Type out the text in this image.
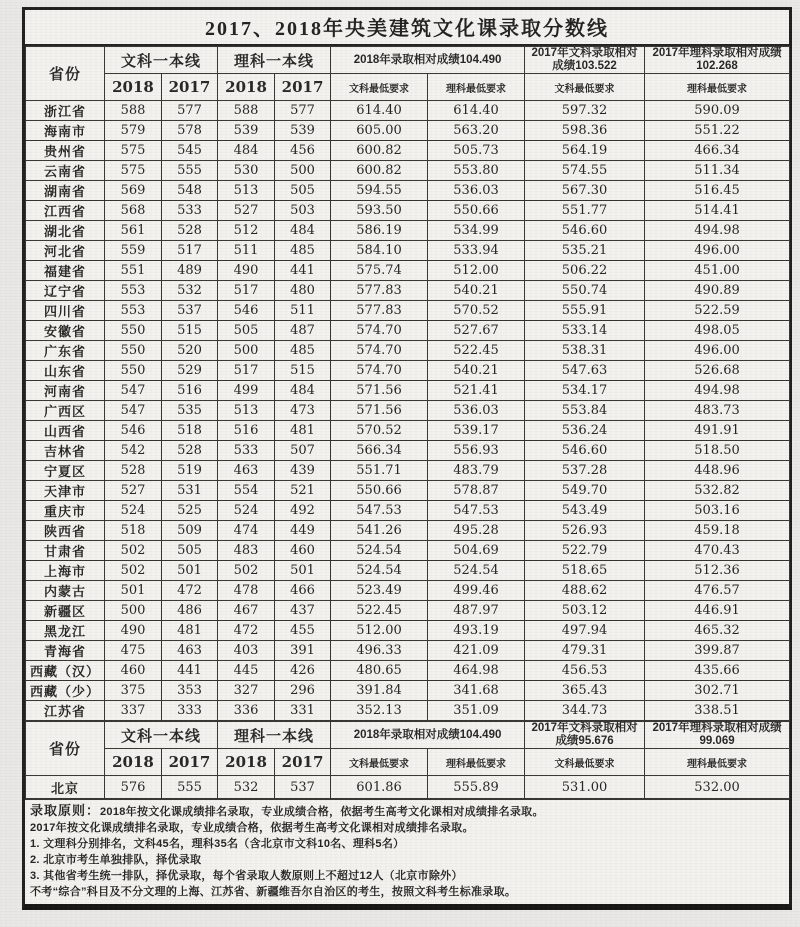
2017、2018年央美建筑文化课录取分数线
省份	文科一本线		理科一本线		2018年录取相对成绩104.490		2017年文科录取相对成绩103.522	2017年理科录取相对成绩102.268
	2018	2017	2018	2017	文科最低要求	理科最低要求	文科最低要求	理科最低要求
浙江省	588	577	588	577	614.40	614.40	597.32	590.09
海南市	579	578	539	539	605.00	563.20	598.36	551.22
贵州省	575	545	484	456	600.82	505.73	564.19	466.34
云南省	575	555	530	500	600.82	553.80	574.55	511.34
湖南省	569	548	513	505	594.55	536.03	567.30	516.45
江西省	568	533	527	503	593.50	550.66	551.77	514.41
湖北省	561	528	512	484	586.19	534.99	546.60	494.98
河北省	559	517	511	485	584.10	533.94	535.21	496.00
福建省	551	489	490	441	575.74	512.00	506.22	451.00
辽宁省	553	532	517	480	577.83	540.21	550.74	490.89
四川省	553	537	546	511	577.83	570.52	555.91	522.59
安徽省	550	515	505	487	574.70	527.67	533.14	498.05
广东省	550	520	500	485	574.70	522.45	538.31	496.00
山东省	550	529	517	515	574.70	540.21	547.63	526.68
河南省	547	516	499	484	571.56	521.41	534.17	494.98
广西区	547	535	513	473	571.56	536.03	553.84	483.73
山西省	546	518	516	481	570.52	539.17	536.24	491.91
吉林省	542	528	533	507	566.34	556.93	546.60	518.50
宁夏区	528	519	463	439	551.71	483.79	537.28	448.96
天津市	527	531	554	521	550.66	578.87	549.70	532.82
重庆市	524	525	524	492	547.53	547.53	543.49	503.16
陕西省	518	509	474	449	541.26	495.28	526.93	459.18
甘肃省	502	505	483	460	524.54	504.69	522.79	470.43
上海市	502	501	502	501	524.54	524.54	518.65	512.36
内蒙古	501	472	478	466	523.49	499.46	488.62	476.57
新疆区	500	486	467	437	522.45	487.97	503.12	446.91
黑龙江	490	481	472	455	512.00	493.19	497.94	465.32
青海省	475	463	403	391	496.33	421.09	479.31	399.87
西藏（汉）	460	441	445	426	480.65	464.98	456.53	435.66
西藏（少）	375	353	327	296	391.84	341.68	365.43	302.71
江苏省	337	333	336	331	352.13	351.09	344.73	338.51
省份	文科一本线		理科一本线		2018年录取相对成绩104.490		2017年文科录取相对成绩95.676	2017年理科录取相对成绩99.069
	2018	2017	2018	2017	文科最低要求	理科最低要求	文科最低要求	理科最低要求
北京	576	555	532	537	601.86	555.89	531.00	532.00
录取原则：2018年按文化课成绩排名录取，专业成绩合格，依据考生高考文化课相对成绩排名录取。
2017年按文化课成绩排名录取，专业成绩合格，依据考生高考文化课相对成绩排名录取。
1. 文理科分别排名，文科45名，理科35名（含北京市文科10名、理科5名）
2. 北京市考生单独排队，择优录取
3. 其他省考生统一排队，择优录取，每个省录取人数原则上不超过12人（北京市除外）
不考“综合”科目及不分文理的上海、江苏省、新疆维吾尔自治区的考生，按照文科考生标准录取。
